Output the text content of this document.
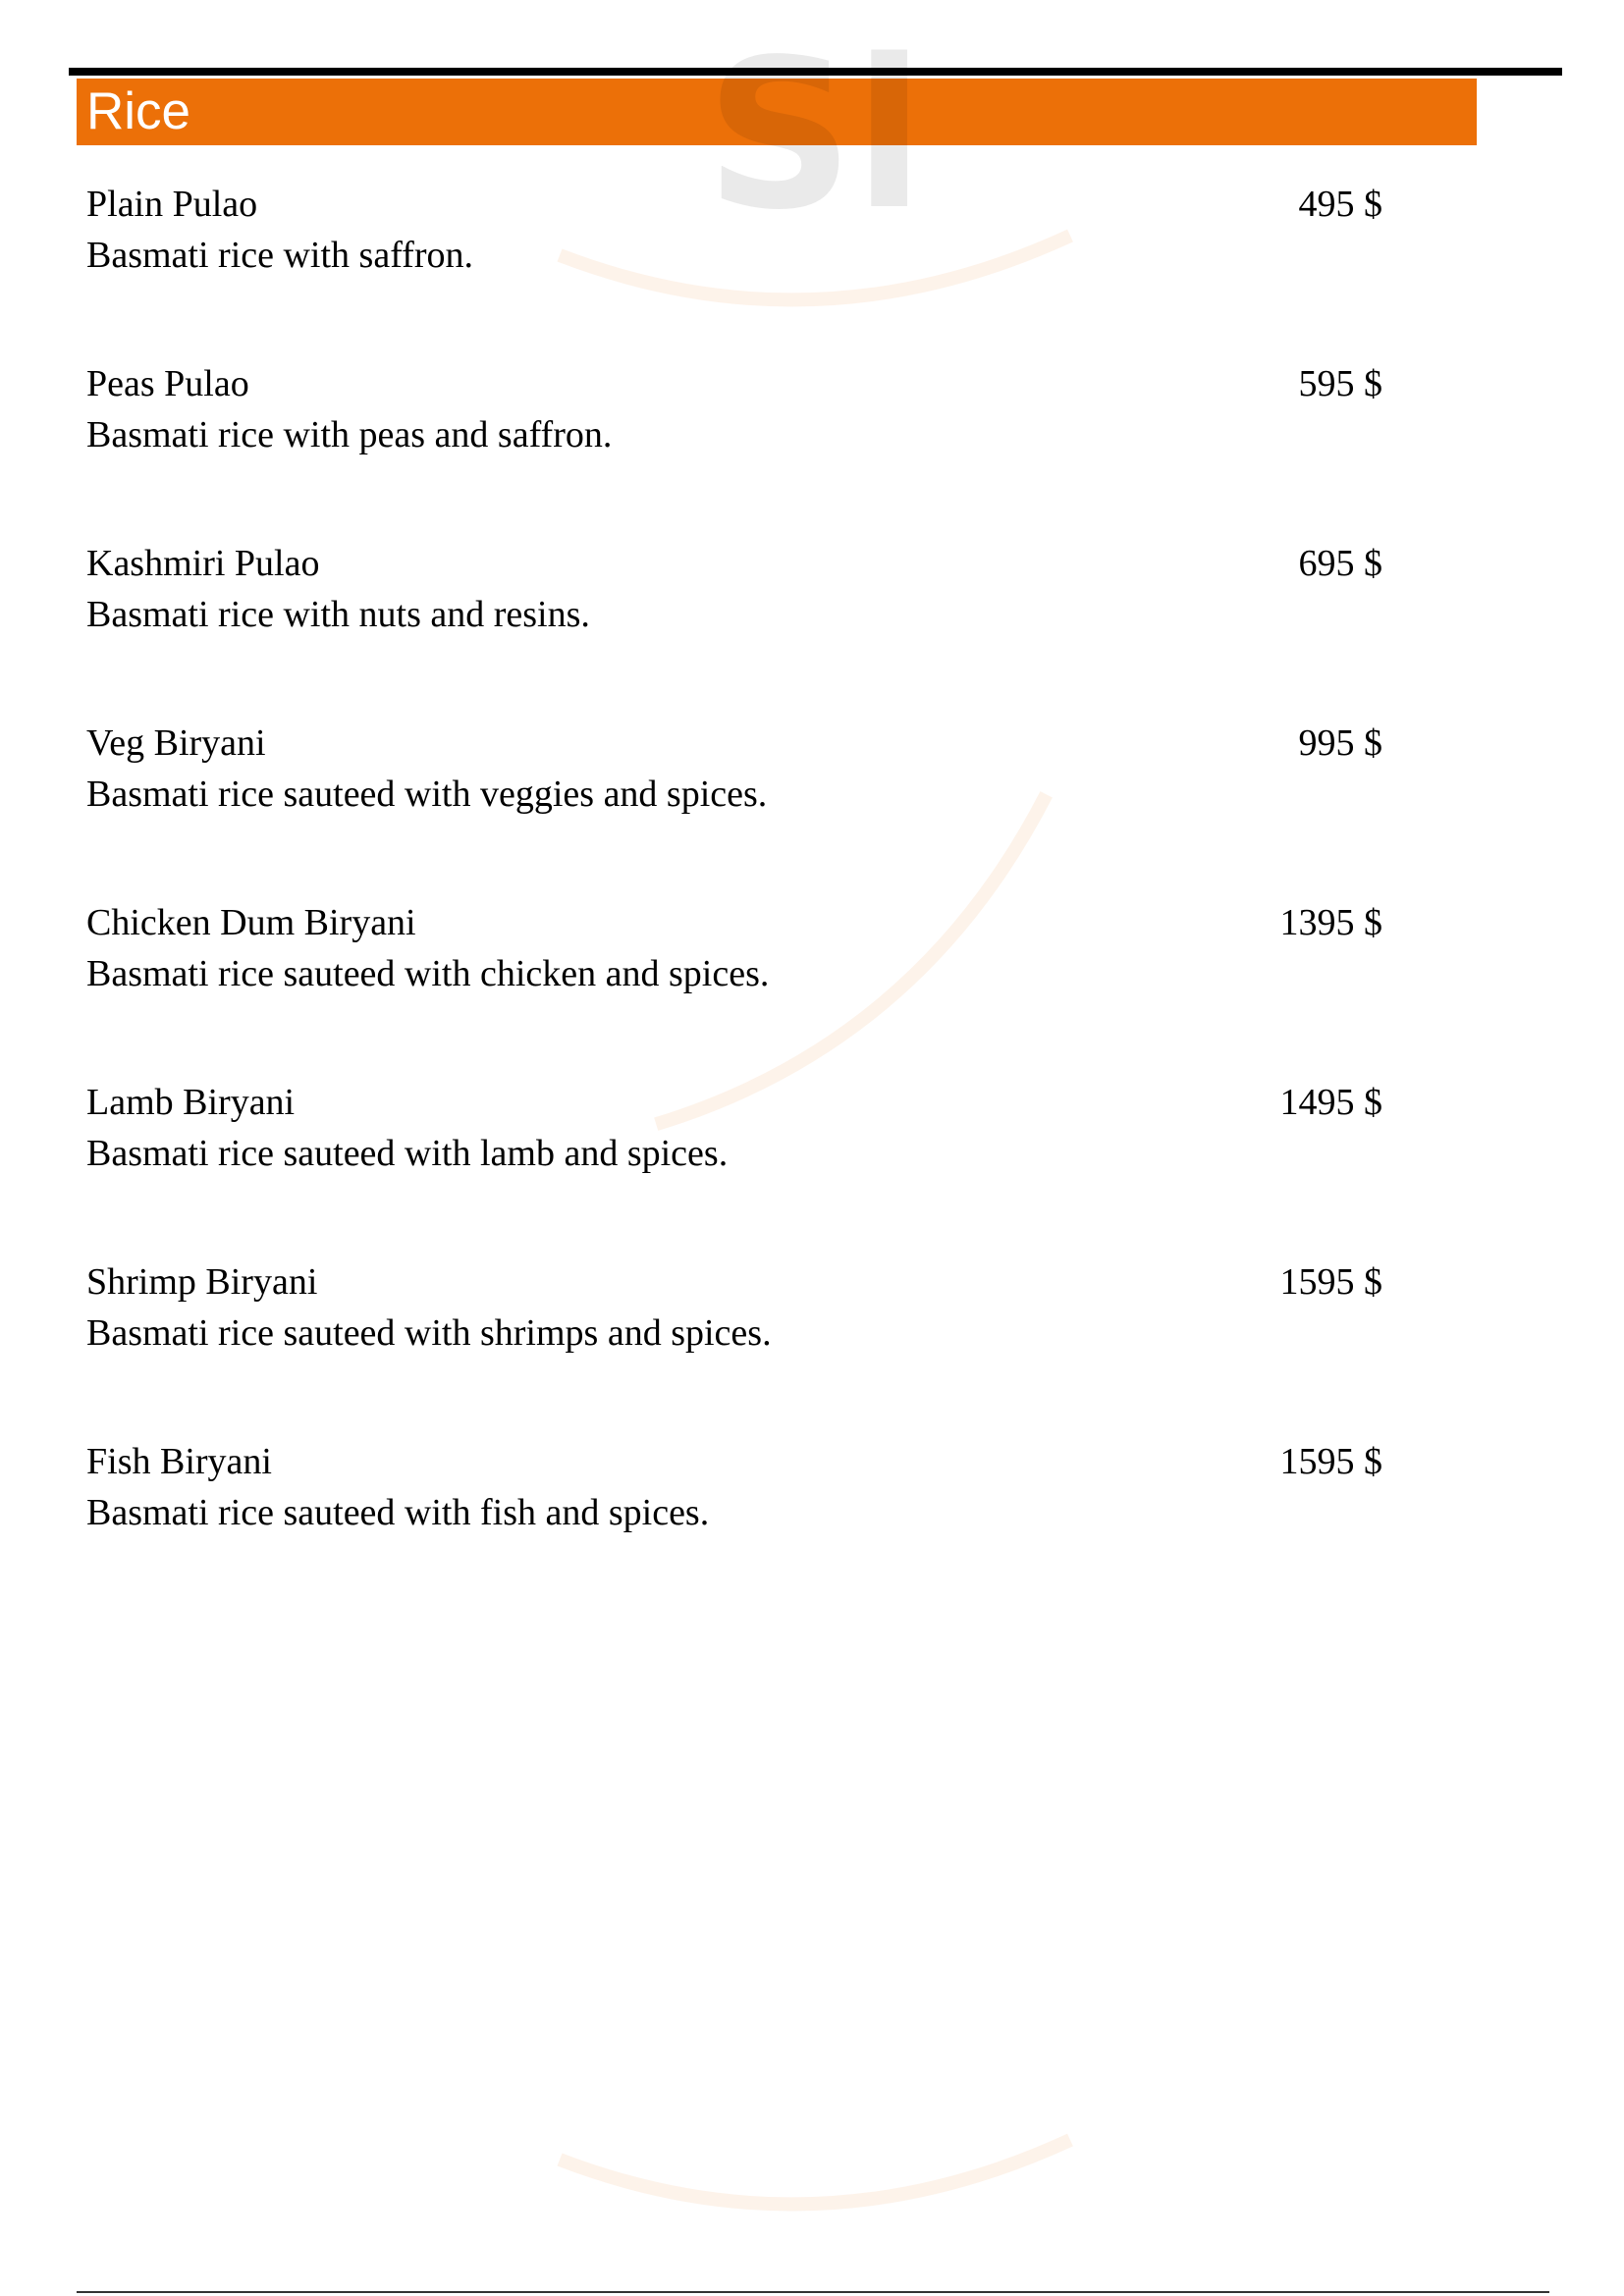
Rice Sl
Plain Pulao
Basmati rice with saffron.
495 $
Peas Pulao
Basmati rice with peas and saffron.
595 $
Kashmiri Pulao
Basmati rice with nuts and resins.
695 $
Veg Biryani
Basmati rice sauteed with veggies and spices.
995 $
Chicken Dum Biryani
Basmati rice sauteed with chicken and spices.
1395 $
Lamb Biryani
Basmati rice sauteed with lamb and spices.
1495 $
Shrimp Biryani
Basmati rice sauteed with shrimps and spices.
1595 $
Fish Biryani
Basmati rice sauteed with fish and spices.
1595 $
